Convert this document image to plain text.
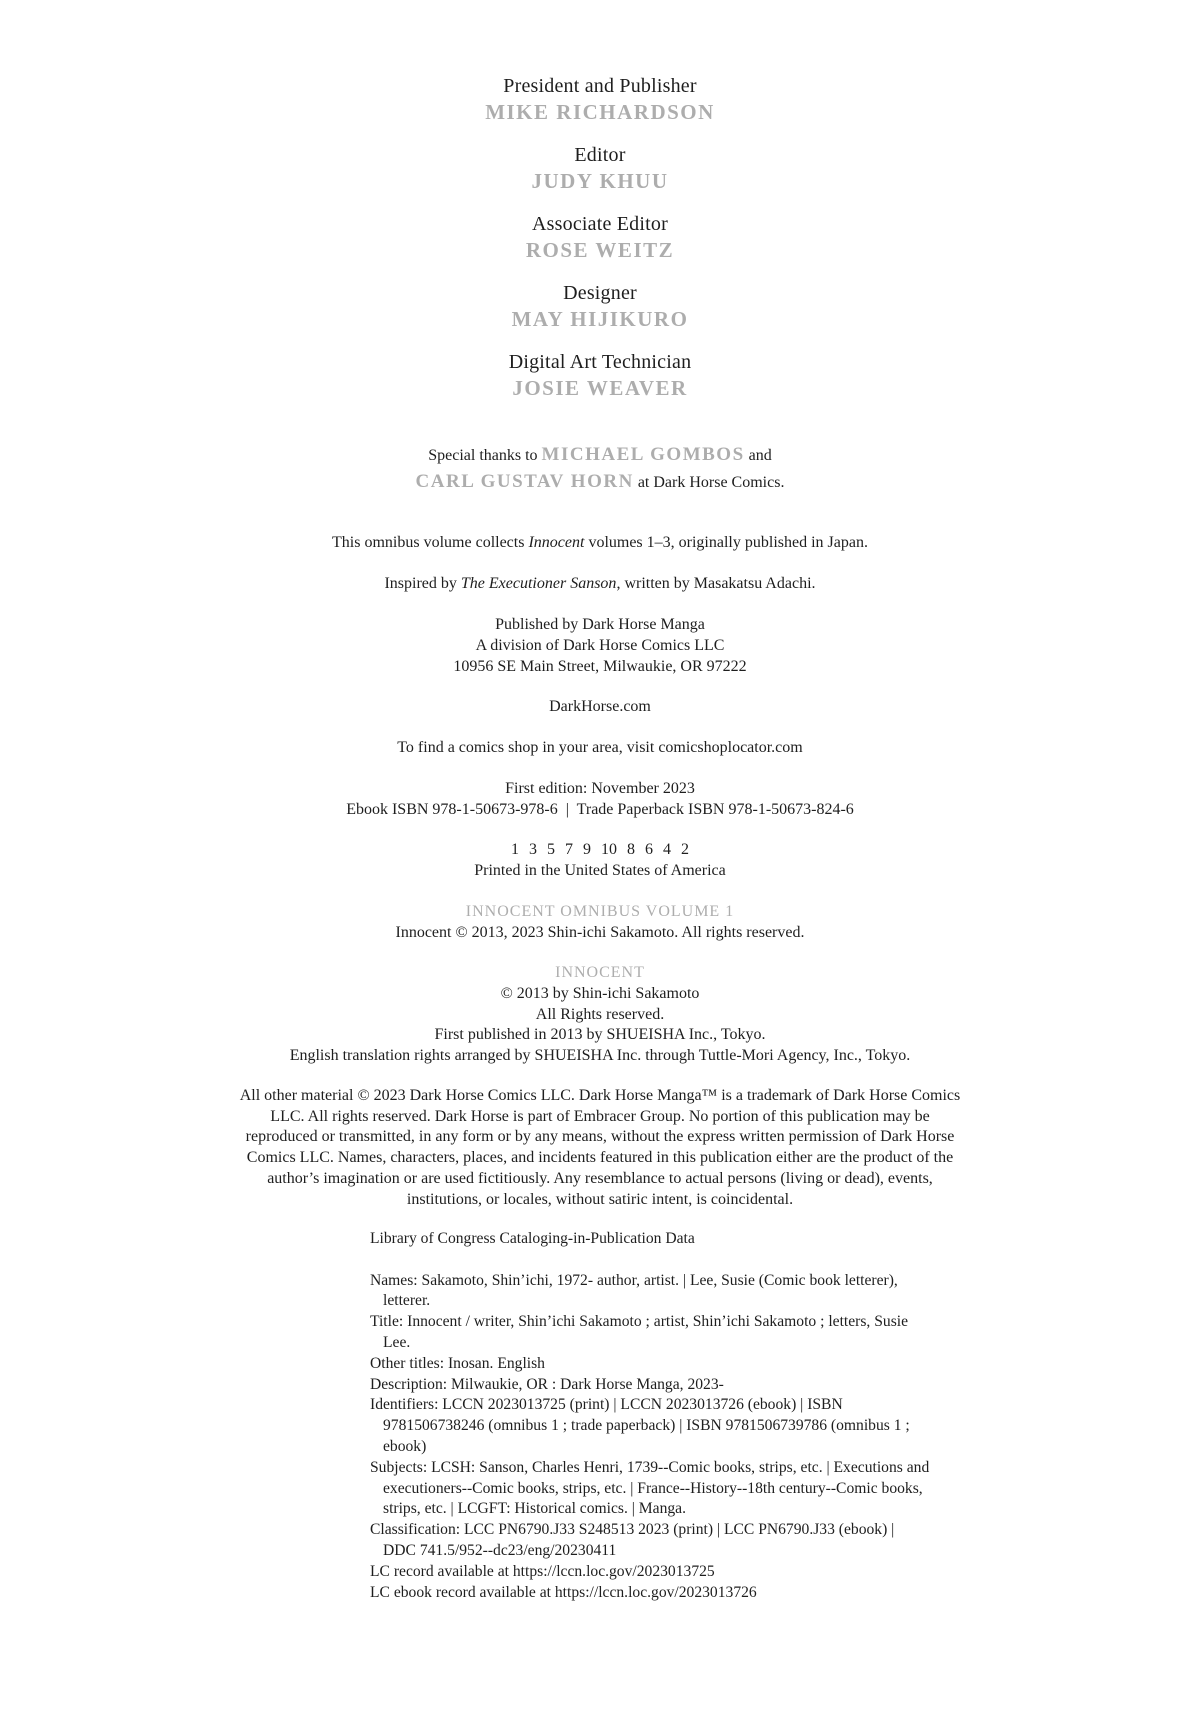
President and Publisher
MIKE RICHARDSON
Editor
JUDY KHUU
Associate Editor
ROSE WEITZ
Designer
MAY HIJIKURO
Digital Art Technician
JOSIE WEAVER
Special thanks to MICHAEL GOMBOS and
CARL GUSTAV HORN at Dark Horse Comics.
This omnibus volume collects Innocent volumes 1–3, originally published in Japan.
Inspired by The Executioner Sanson, written by Masakatsu Adachi.
Published by Dark Horse Manga
A division of Dark Horse Comics LLC
10956 SE Main Street, Milwaukie, OR 97222
DarkHorse.com
To find a comics shop in your area, visit comicshoplocator.com
First edition: November 2023
Ebook ISBN 978-1-50673-978-6  |  Trade Paperback ISBN 978-1-50673-824-6
1 3 5 7 9 10 8 6 4 2
Printed in the United States of America
INNOCENT OMNIBUS VOLUME 1
Innocent © 2013, 2023 Shin-ichi Sakamoto. All rights reserved.
INNOCENT
© 2013 by Shin-ichi Sakamoto
All Rights reserved.
First published in 2013 by SHUEISHA Inc., Tokyo.
English translation rights arranged by SHUEISHA Inc. through Tuttle-Mori Agency, Inc., Tokyo.
All other material © 2023 Dark Horse Comics LLC. Dark Horse Manga™ is a trademark of Dark Horse Comics
LLC. All rights reserved. Dark Horse is part of Embracer Group. No portion of this publication may be
reproduced or transmitted, in any form or by any means, without the express written permission of Dark Horse
Comics LLC. Names, characters, places, and incidents featured in this publication either are the product of the
author’s imagination or are used fictitiously. Any resemblance to actual persons (living or dead), events,
institutions, or locales, without satiric intent, is coincidental.
Library of Congress Cataloging-in-Publication Data
Names: Sakamoto, Shin’ichi, 1972- author, artist. | Lee, Susie (Comic book letterer), letterer.
Title: Innocent / writer, Shin’ichi Sakamoto ; artist, Shin’ichi Sakamoto ; letters, Susie Lee.
Other titles: Inosan. English
Description: Milwaukie, OR : Dark Horse Manga, 2023-
Identifiers: LCCN 2023013725 (print) | LCCN 2023013726 (ebook) | ISBN 9781506738246 (omnibus 1 ; trade paperback) | ISBN 9781506739786 (omnibus 1 ; ebook)
Subjects: LCSH: Sanson, Charles Henri, 1739--Comic books, strips, etc. | Executions and executioners--Comic books, strips, etc. | France--History--18th century--Comic books, strips, etc. | LCGFT: Historical comics. | Manga.
Classification: LCC PN6790.J33 S248513 2023 (print) | LCC PN6790.J33 (ebook) | DDC 741.5/952--dc23/eng/20230411
LC record available at https://lccn.loc.gov/2023013725
LC ebook record available at https://lccn.loc.gov/2023013726
